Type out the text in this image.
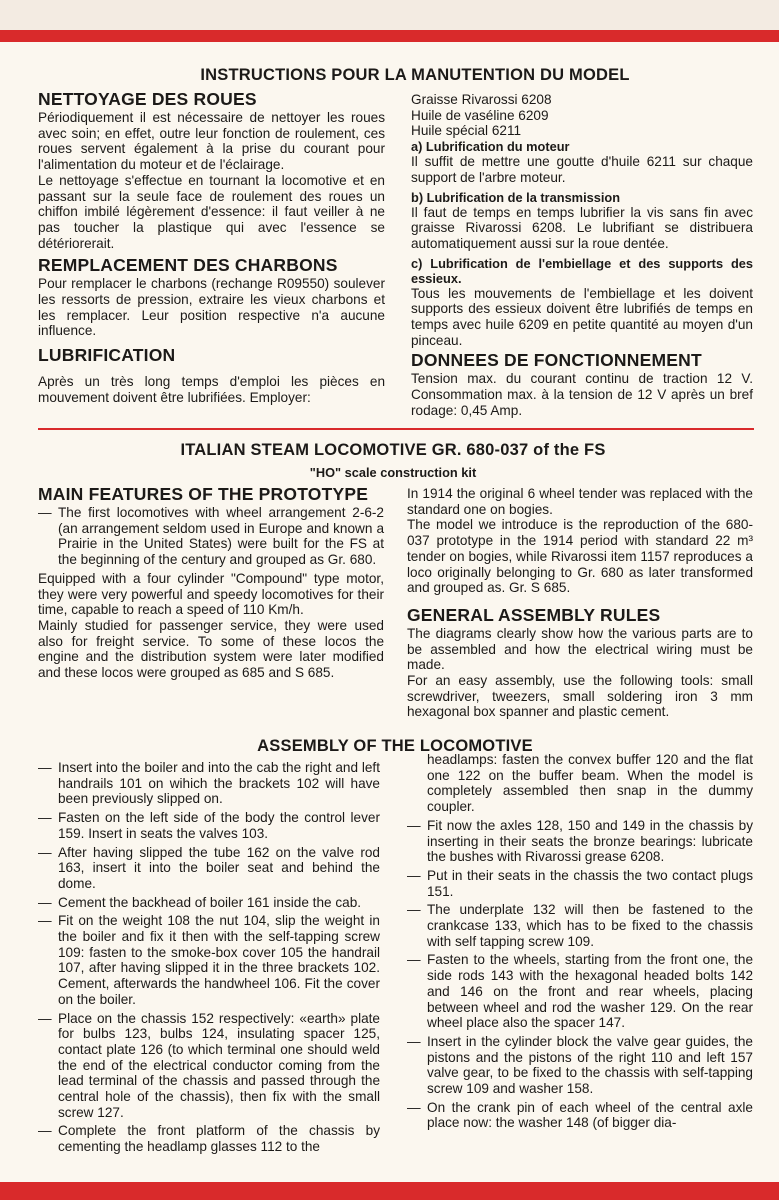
INSTRUCTIONS POUR LA MANUTENTION DU MODEL

NETTOYAGE DES ROUES

Périodiquement il est nécessaire de nettoyer les roues avec soin; en effet, outre leur fonction de roulement, ces roues servent également à la prise du courant pour l'alimentation du moteur et de l'éclairage.

Le nettoyage s'effectue en tournant la locomotive et en passant sur la seule face de roulement des roues un chiffon imbilé légèrement d'essence: il faut veiller à ne pas toucher la plastique qui avec l'essence se détériorerait.

REMPLACEMENT DES CHARBONS

Pour remplacer le charbons (rechange R09550) soulever les ressorts de pression, extraire les vieux charbons et les remplacer. Leur position respective n'a aucune influence.

LUBRIFICATION

Après un très long temps d'emploi les pièces en mouvement doivent être lubrifiées. Employer:

Graisse Rivarossi 6208

Huile de vaséline 6209

Huile spécial 6211

a) Lubrification du moteur

Il suffit de mettre une goutte d'huile 6211 sur chaque support de l'arbre moteur.

b) Lubrification de la transmission

Il faut de temps en temps lubrifier la vis sans fin avec graisse Rivarossi 6208. Le lubrifiant se distribuera automatiquement aussi sur la roue dentée.

c) Lubrification de l'embiellage et des supports des essieux.

Tous les mouvements de l'embiellage et les doivent supports des essieux doivent être lubrifiés de temps en temps avec huile 6209 en petite quantité au moyen d'un pinceau.

DONNEES DE FONCTIONNEMENT

Tension max. du courant continu de traction 12 V. Consommation max. à la tension de 12 V après un bref rodage: 0,45 Amp.

ITALIAN STEAM LOCOMOTIVE GR. 680-037 of the FS
"HO" scale construction kit

MAIN FEATURES OF THE PROTOTYPE

— The first locomotives with wheel arrangement 2-6-2 (an arrangement seldom used in Europe and known a Prairie in the United States) were built for the FS at the beginning of the century and grouped as Gr. 680.

Equipped with a four cylinder "Compound" type motor, they were very powerful and speedy locomotives for their time, capable to reach a speed of 110 Km/h.

Mainly studied for passenger service, they were used also for freight service. To some of these locos the engine and the distribution system were later modified and these locos were grouped as 685 and S 685.

In 1914 the original 6 wheel tender was replaced with the standard one on bogies.

The model we introduce is the reproduction of the 680-037 prototype in the 1914 period with standard 22 m³ tender on bogies, while Rivarossi item 1157 reproduces a loco originally belonging to Gr. 680 as later transformed and grouped as. Gr. S 685.

GENERAL ASSEMBLY RULES

The diagrams clearly show how the various parts are to be assembled and how the electrical wiring must be made.

For an easy assembly, use the following tools: small screwdriver, tweezers, small soldering iron 3 mm hexagonal box spanner and plastic cement.

ASSEMBLY OF THE LOCOMOTIVE
— Insert into the boiler and into the cab the right and left handrails 101 on wihich the brackets 102 will have been previously slipped on.
— Fasten on the left side of the body the control lever 159. Insert in seats the valves 103.
— After having slipped the tube 162 on the valve rod 163, insert it into the boiler seat and behind the dome.
— Cement the backhead of boiler 161 inside the cab.
— Fit on the weight 108 the nut 104, slip the weight in the boiler and fix it then with the self-tapping screw 109: fasten to the smoke-box cover 105 the handrail 107, after having slipped it in the three brackets 102. Cement, afterwards the handwheel 106. Fit the cover on the boiler.
— Place on the chassis 152 respectively: «earth» plate for bulbs 123, bulbs 124, insulating spacer 125, contact plate 126 (to which terminal one should weld the end of the electrical conductor coming from the lead terminal of the chassis and passed through the central hole of the chassis), then fix with the small screw 127.
— Complete the front platform of the chassis by cementing the headlamp glasses 112 to the

headlamps: fasten the convex buffer 120 and the flat one 122 on the buffer beam. When the model is completely assembled then snap in the dummy coupler.

— Fit now the axles 128, 150 and 149 in the chassis by inserting in their seats the bronze bearings: lubricate the bushes with Rivarossi grease 6208.
— Put in their seats in the chassis the two contact plugs 151.
— The underplate 132 will then be fastened to the crankcase 133, which has to be fixed to the chassis with self tapping screw 109.
— Fasten to the wheels, starting from the front one, the side rods 143 with the hexagonal headed bolts 142 and 146 on the front and rear wheels, placing between wheel and rod the washer 129. On the rear wheel place also the spacer 147.
— Insert in the cylinder block the valve gear guides, the pistons and the pistons of the right 110 and left 157 valve gear, to be fixed to the chassis with self-tapping screw 109 and washer 158.
— On the crank pin of each wheel of the central axle place now: the washer 148 (of bigger dia-
